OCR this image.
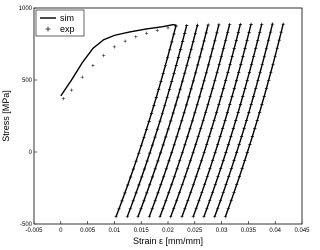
-0.005	0	0.005 0.01 0.015 0.02 0.025 0.03 0.035 0.04 0.045
-500
0
500
1000
Strain ε [mm/mm]
Stress [MPa]
sim
exp
